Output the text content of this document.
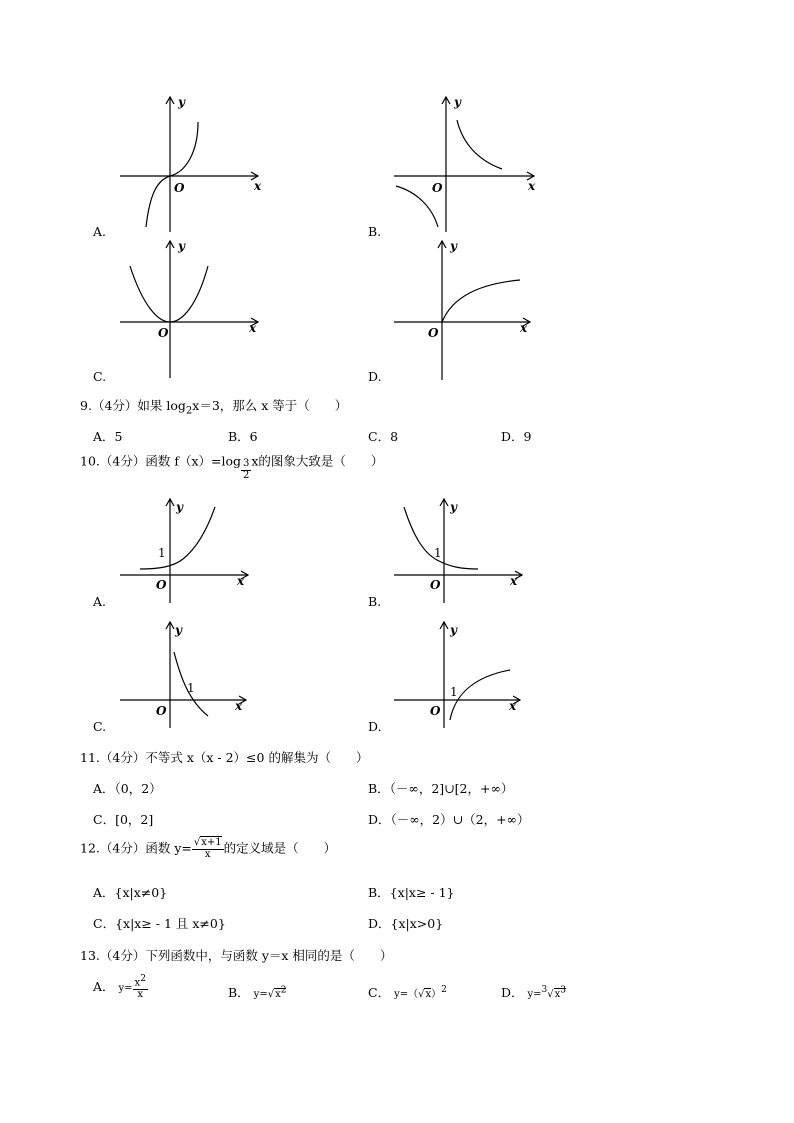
y
x
O
A.
y
x
O
B.
y
x
O
C.
y
x
O
D.
9.（4分）如果 $\log_2x=3$，那么 x 等于（　　）
A．5	B．6	C．8	D．9
10.（4分）函数 $f(x)=\log \frac{3}{2}$ x的图象大致是（　　）
y
x
O
1
A.
y
x
O
1
B.
y
x
O
1
C.
y
x
O
1
D.
11.（4分）不等式 x（x - 2）≤0 的解集为（　　）
A．（0，2）	B．（－∞，2]∪[2，+∞）
C．[0，2]	D．（－∞，2）∪（2，+∞）
12.（4分）函数 $y= \frac{√x+1}{x}$ 的定义域是（　　）
A．{x|x≠0}	B．{x|x≥ - 1}
C．{x|x≥ - 1 且 x≠0}	D．{x|x>0}
13.（4分）下列函数中，与函数 y＝x 相同的是（　　）
A． $y= \frac{x^2}{x}$	B． $y=√x^2$	C． $y=(√x)^2$	D． $y=^3√x^3$
